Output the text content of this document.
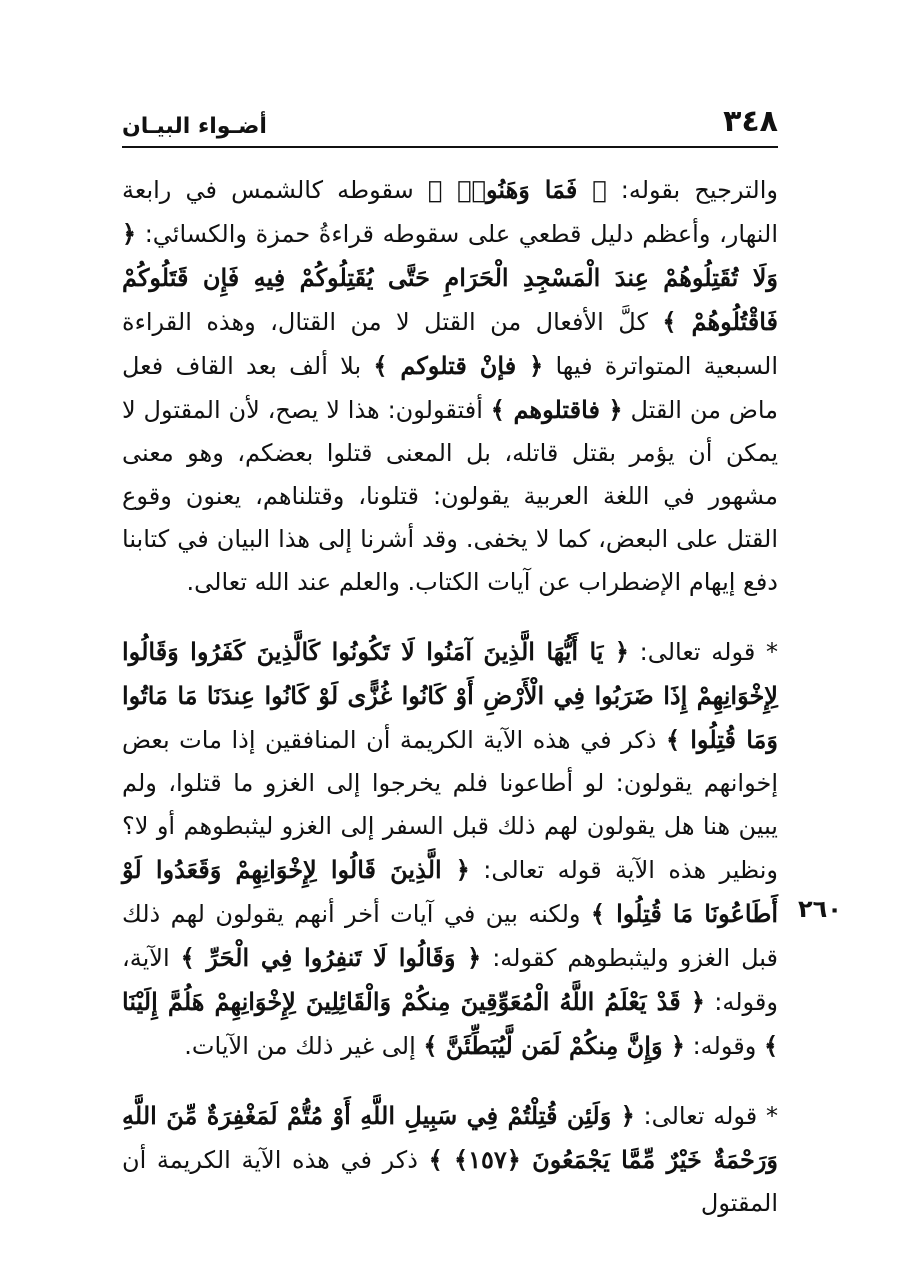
٣٤٨
أضـواء البيـان

والترجيح بقوله: ﴿ فَمَا وَهَنُوا۟ ﴾ سقوطه كالشمس في رابعة النهار، وأعظم دليل قطعي على سقوطه قراءةُ حمزة والكسائي: ﴿ وَلَا تُقَتِلُوهُمْ عِندَ الْمَسْجِدِ الْحَرَامِ حَتَّى يُقَتِلُوكُمْ فِيهِ فَإِن قَتَلُوكُمْ فَاقْتُلُوهُمْ ﴾ كلَّ الأفعال من القتل لا من القتال، وهذه القراءة السبعية المتواترة فيها ﴿ فإنْ قتلوكم ﴾ بلا ألف بعد القاف فعل ماض من القتل ﴿ فاقتلوهم ﴾ أفتقولون: هذا لا يصح، لأن المقتول لا يمكن أن يؤمر بقتل قاتله، بل المعنى قتلوا بعضكم، وهو معنى مشهور في اللغة العربية يقولون: قتلونا، وقتلناهم، يعنون وقوع القتل على البعض، كما لا يخفى. وقد أشرنا إلى هذا البيان في كتابنا دفع إيهام الإضطراب عن آيات الكتاب. والعلم عند الله تعالى.

* قوله تعالى: ﴿ يَا أَيُّهَا الَّذِينَ آمَنُوا لَا تَكُونُوا كَالَّذِينَ كَفَرُوا وَقَالُوا لِإِخْوَانِهِمْ إِذَا ضَرَبُوا فِي الْأَرْضِ أَوْ كَانُوا غُزًّى لَوْ كَانُوا عِندَنَا مَا مَاتُوا وَمَا قُتِلُوا ﴾ ذكر في هذه الآية الكريمة أن المنافقين إذا مات بعض إخوانهم يقولون: لو أطاعونا فلم يخرجوا إلى الغزو ما قتلوا، ولم يبين هنا هل يقولون لهم ذلك قبل السفر إلى الغزو ليثبطوهم أو لا؟ ونظير هذه الآية قوله تعالى: ﴿ الَّذِينَ قَالُوا لِإِخْوَانِهِمْ وَقَعَدُوا لَوْ أَطَاعُونَا مَا قُتِلُوا ﴾ ولكنه بين في آيات أخر أنهم يقولون لهم ذلك قبل الغزو وليثبطوهم كقوله: ﴿ وَقَالُوا لَا تَنفِرُوا فِي الْحَرِّ ﴾ الآية، وقوله: ﴿ قَدْ يَعْلَمُ اللَّهُ الْمُعَوِّقِينَ مِنكُمْ وَالْقَائِلِينَ لِإِخْوَانِهِمْ هَلُمَّ إِلَيْنَا ﴾ وقوله: ﴿ وَإِنَّ مِنكُمْ لَمَن لَّيُبَطِّئَنَّ ﴾ إلى غير ذلك من الآيات.

* قوله تعالى: ﴿ وَلَئِن قُتِلْتُمْ فِي سَبِيلِ اللَّهِ أَوْ مُتُّمْ لَمَغْفِرَةٌ مِّنَ اللَّهِ وَرَحْمَةٌ خَيْرٌ مِّمَّا يَجْمَعُونَ ﴿١٥٧﴾ ﴾ ذكر في هذه الآية الكريمة أن المقتول

٢٦٠
